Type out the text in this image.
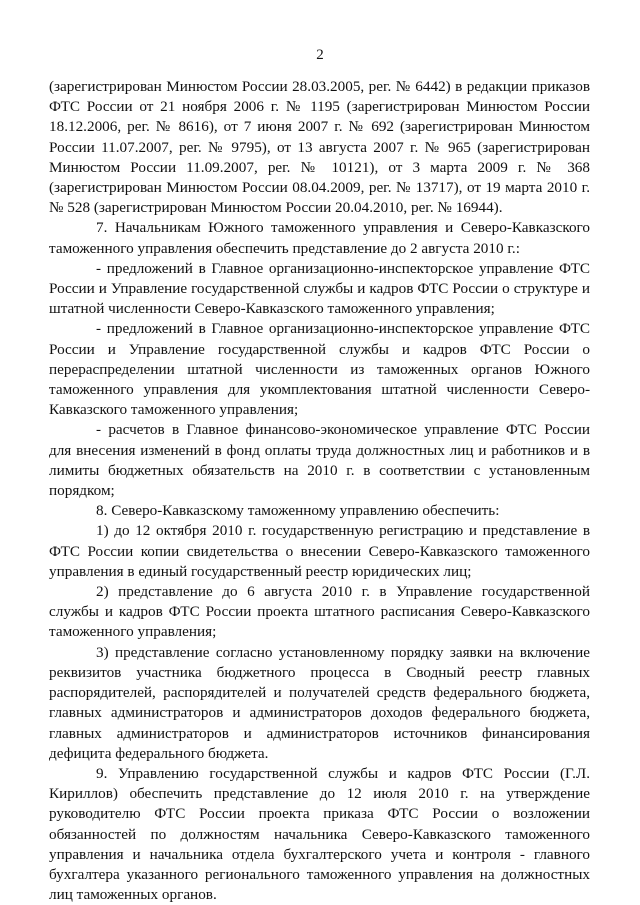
2

(зарегистрирован Минюстом России 28.03.2005, рег. № 6442) в редакции приказов ФТС России от 21 ноября 2006 г. № 1195 (зарегистрирован Минюстом России 18.12.2006, рег. № 8616), от 7 июня 2007 г. № 692 (зарегистрирован Минюстом России 11.07.2007, рег. № 9795), от 13 августа 2007 г. № 965 (зарегистрирован Минюстом России 11.09.2007, рег. № 10121), от 3 марта 2009 г. № 368 (зарегистрирован Минюстом России 08.04.2009, рег. № 13717), от 19 марта 2010 г. № 528 (зарегистрирован Минюстом России 20.04.2010, рег. № 16944).

7. Начальникам Южного таможенного управления и Северо-Кавказского таможенного управления обеспечить представление до 2 августа 2010 г.:

- предложений в Главное организационно-инспекторское управление ФТС России и Управление государственной службы и кадров ФТС России о структуре и штатной численности Северо-Кавказского таможенного управления;

- предложений в Главное организационно-инспекторское управление ФТС России и Управление государственной службы и кадров ФТС России о перераспределении штатной численности из таможенных органов Южного таможенного управления для укомплектования штатной численности Северо-Кавказского таможенного управления;

- расчетов в Главное финансово-экономическое управление ФТС России для внесения изменений в фонд оплаты труда должностных лиц и работников и в лимиты бюджетных обязательств на 2010 г. в соответствии с установленным порядком;

8. Северо-Кавказскому таможенному управлению обеспечить:

1) до 12 октября 2010 г. государственную регистрацию и представление в ФТС России копии свидетельства о внесении Северо-Кавказского таможенного управления в единый государственный реестр юридических лиц;

2) представление до 6 августа 2010 г. в Управление государственной службы и кадров ФТС России проекта штатного расписания Северо-Кавказского таможенного управления;

3) представление согласно установленному порядку заявки на включение реквизитов участника бюджетного процесса в Сводный реестр главных распорядителей, распорядителей и получателей средств федерального бюджета, главных администраторов и администраторов доходов федерального бюджета, главных администраторов и администраторов источников финансирования дефицита федерального бюджета.

9. Управлению государственной службы и кадров ФТС России (Г.Л. Кириллов) обеспечить представление до 12 июля 2010 г. на утверждение руководителю ФТС России проекта приказа ФТС России о возложении обязанностей по должностям начальника Северо-Кавказского таможенного управления и начальника отдела бухгалтерского учета и контроля - главного бухгалтера указанного регионального таможенного управления на должностных лиц таможенных органов.
